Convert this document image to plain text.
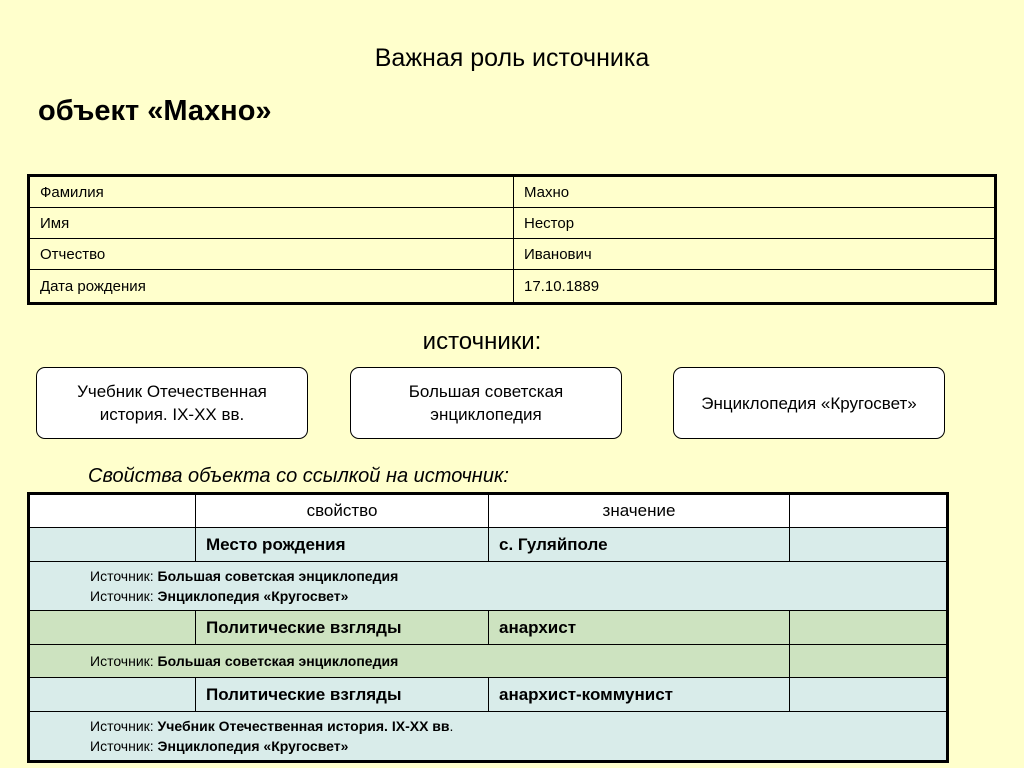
Важная роль источника
объект «Махно»
Фамилия	Махно
Имя	Нестор
Отчество	Иванович
Дата рождения	17.10.1889
источники:
Учебник Отечественная история. IX-XX вв.
Большая советская энциклопедия
Энциклопедия «Кругосвет»
Свойства объекта со ссылкой на источник:
	свойство	значение	
	Место рождения	с. Гуляйполе	
Источник: Большая советская энциклопедия
Источник: Энциклопедия «Кругосвет»			
	Политические взгляды	анархист	
Источник: Большая советская энциклопедия			
	Политические взгляды	анархист-коммунист	
Источник: Учебник Отечественная история. IX-XX вв.
Источник: Энциклопедия «Кругосвет»			
